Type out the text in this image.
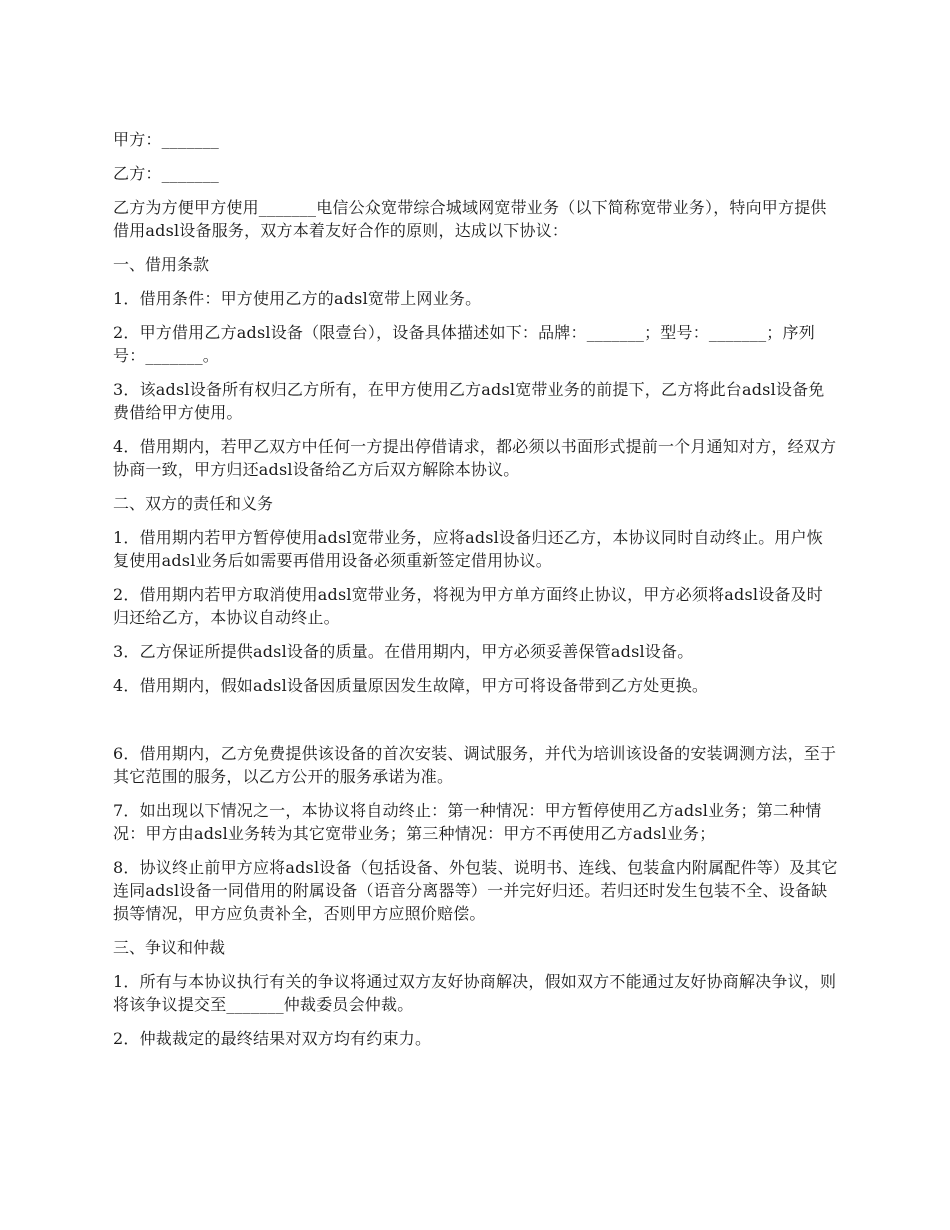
甲方：_______

乙方：_______

乙方为方便甲方使用_______电信公众宽带综合城域网宽带业务（以下简称宽带业务），特向甲方提供借用adsl设备服务，双方本着友好合作的原则，达成以下协议：

一、借用条款

1．借用条件：甲方使用乙方的adsl宽带上网业务。

2．甲方借用乙方adsl设备（限壹台），设备具体描述如下：品牌：_______；型号：_______；序列号：_______。

3．该adsl设备所有权归乙方所有，在甲方使用乙方adsl宽带业务的前提下，乙方将此台adsl设备免费借给甲方使用。

4．借用期内，若甲乙双方中任何一方提出停借请求，都必须以书面形式提前一个月通知对方，经双方协商一致，甲方归还adsl设备给乙方后双方解除本协议。

二、双方的责任和义务

1．借用期内若甲方暂停使用adsl宽带业务，应将adsl设备归还乙方，本协议同时自动终止。用户恢复使用adsl业务后如需要再借用设备必须重新签定借用协议。

2．借用期内若甲方取消使用adsl宽带业务，将视为甲方单方面终止协议，甲方必须将adsl设备及时归还给乙方，本协议自动终止。

3．乙方保证所提供adsl设备的质量。在借用期内，甲方必须妥善保管adsl设备。

4．借用期内，假如adsl设备因质量原因发生故障，甲方可将设备带到乙方处更换。

6．借用期内，乙方免费提供该设备的首次安装、调试服务，并代为培训该设备的安装调测方法，至于其它范围的服务，以乙方公开的服务承诺为准。

7．如出现以下情况之一，本协议将自动终止：第一种情况：甲方暂停使用乙方adsl业务；第二种情况：甲方由adsl业务转为其它宽带业务；第三种情况：甲方不再使用乙方adsl业务；

8．协议终止前甲方应将adsl设备（包括设备、外包装、说明书、连线、包装盒内附属配件等）及其它连同adsl设备一同借用的附属设备（语音分离器等）一并完好归还。若归还时发生包装不全、设备缺损等情况，甲方应负责补全，否则甲方应照价赔偿。

三、争议和仲裁

1．所有与本协议执行有关的争议将通过双方友好协商解决，假如双方不能通过友好协商解决争议，则将该争议提交至_______仲裁委员会仲裁。

2．仲裁裁定的最终结果对双方均有约束力。
